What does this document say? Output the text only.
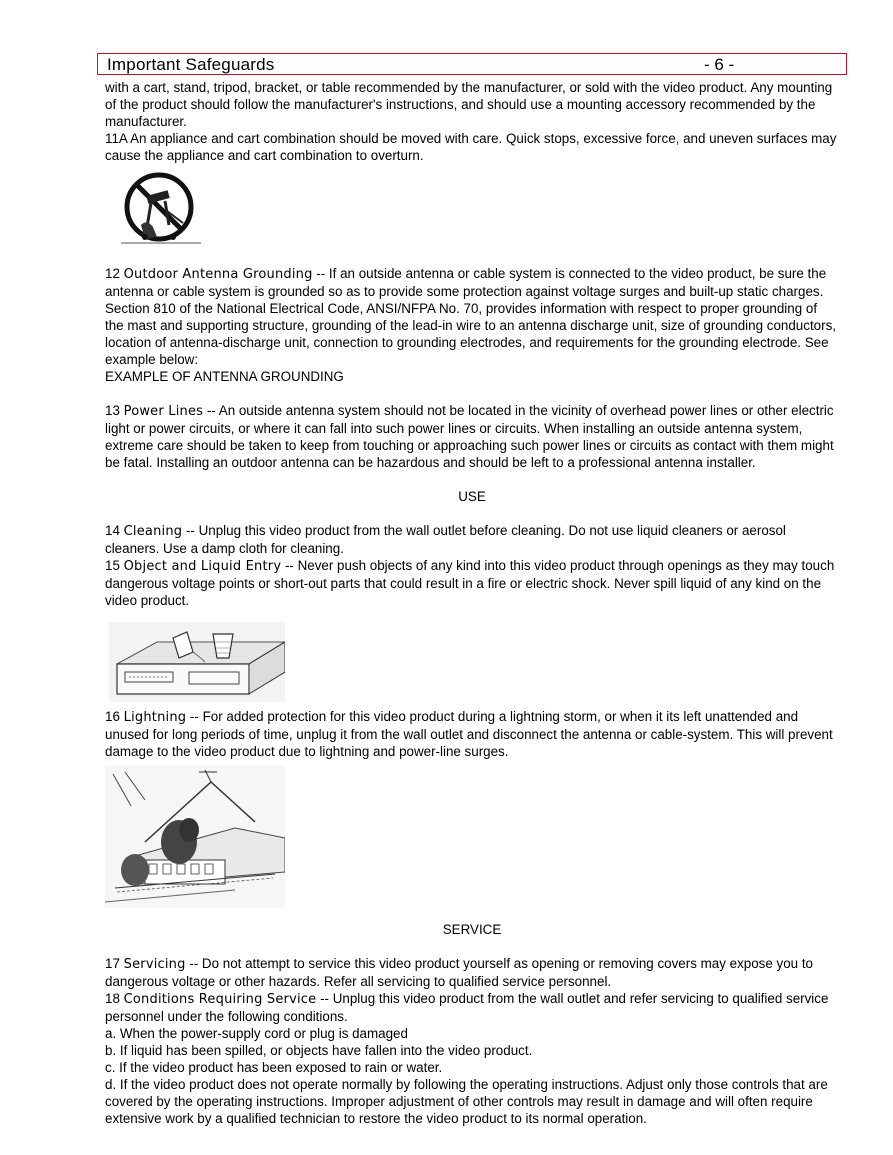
Important Safeguards	- 6 -

with a cart, stand, tripod, bracket, or table recommended by the manufacturer, or sold with the video product. Any mounting of the product should follow the manufacturer's instructions, and should use a mounting accessory recommended by the manufacturer.

11A An appliance and cart combination should be moved with care. Quick stops, excessive force, and uneven surfaces may cause the appliance and cart combination to overturn.

12 Outdoor Antenna Grounding -- If an outside antenna or cable system is connected to the video product, be sure the antenna or cable system is grounded so as to provide some protection against voltage surges and built-up static charges. Section 810 of the National Electrical Code, ANSI/NFPA No. 70, provides information with respect to proper grounding of the mast and supporting structure, grounding of the lead-in wire to an antenna discharge unit, size of grounding conductors, location of antenna-discharge unit, connection to grounding electrodes, and requirements for the grounding electrode. See example below:

EXAMPLE OF ANTENNA GROUNDING

13 Power Lines -- An outside antenna system should not be located in the vicinity of overhead power lines or other electric light or power circuits, or where it can fall into such power lines or circuits. When installing an outside antenna system, extreme care should be taken to keep from touching or approaching such power lines or circuits as contact with them might be fatal. Installing an outdoor antenna can be hazardous and should be left to a professional antenna installer.

USE

14 Cleaning -- Unplug this video product from the wall outlet before cleaning. Do not use liquid cleaners or aerosol cleaners. Use a damp cloth for cleaning.

15 Object and Liquid Entry -- Never push objects of any kind into this video product through openings as they may touch dangerous voltage points or short-out parts that could result in a fire or electric shock. Never spill liquid of any kind on the video product.

16 Lightning -- For added protection for this video product during a lightning storm, or when it its left unattended and unused for long periods of time, unplug it from the wall outlet and disconnect the antenna or cable-system. This will prevent damage to the video product due to lightning and power-line surges.

SERVICE

17 Servicing -- Do not attempt to service this video product yourself as opening or removing covers may expose you to dangerous voltage or other hazards. Refer all servicing to qualified service personnel.

18 Conditions Requiring Service -- Unplug this video product from the wall outlet and refer servicing to qualified service personnel under the following conditions.

a. When the power-supply cord or plug is damaged

b. If liquid has been spilled, or objects have fallen into the video product.

c. If the video product has been exposed to rain or water.

d. If the video product does not operate normally by following the operating instructions. Adjust only those controls that are covered by the operating instructions. Improper adjustment of other controls may result in damage and will often require extensive work by a qualified technician to restore the video product to its normal operation.
